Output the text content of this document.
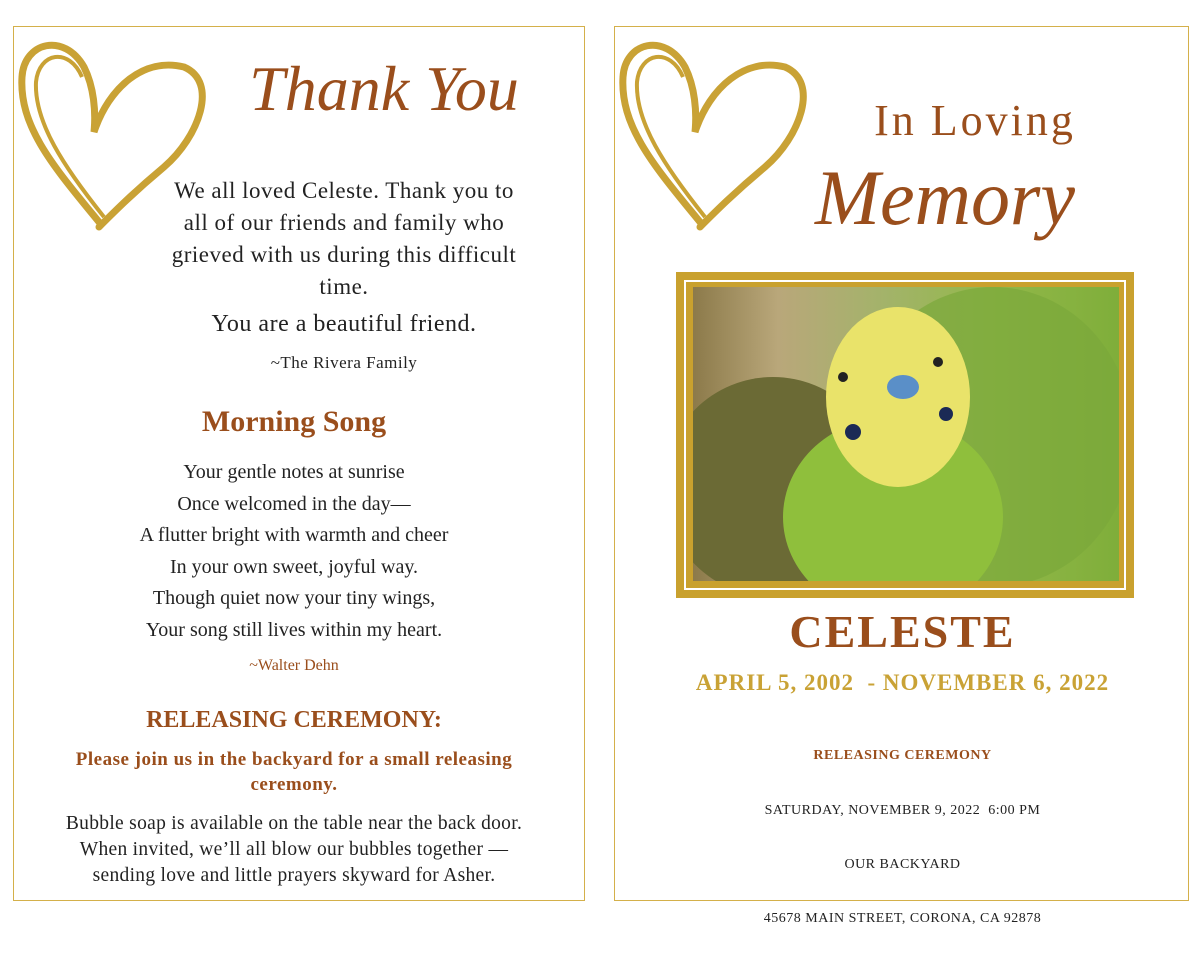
Thank You
We all loved Celeste. Thank you to
all of our friends and family who
grieved with us during this difficult
time.
You are a beautiful friend.
~The Rivera Family
Morning Song
Your gentle notes at sunrise
Once welcomed in the day—
A flutter bright with warmth and cheer
In your own sweet, joyful way.
Though quiet now your tiny wings,
Your song still lives within my heart.
~Walter Dehn
RELEASING CEREMONY:
Please join us in the backyard for a small releasing ceremony.
Bubble soap is available on the table near the back door.
When invited, we’ll all blow our bubbles together —
sending love and little prayers skyward for Asher.
In Loving
Memory
CELESTE
APRIL 5, 2002  - NOVEMBER 6, 2022
RELEASING CEREMONY

SATURDAY, NOVEMBER 9, 2022  6:00 PM

OUR BACKYARD

45678 MAIN STREET, CORONA, CA 92878
